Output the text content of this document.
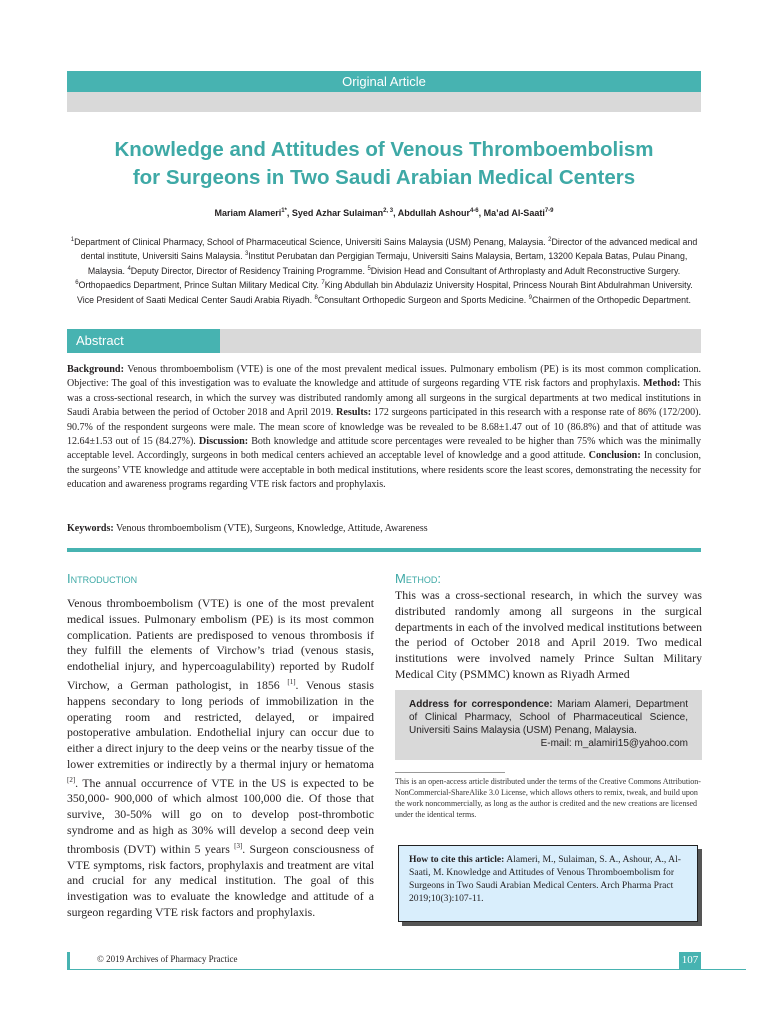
Original Article
Knowledge and Attitudes of Venous Thromboembolism
for Surgeons in Two Saudi Arabian Medical Centers
Mariam Alameri$^{1*}$, Syed Azhar Sulaiman$^{2, 3}$, Abdullah Ashour$^{4-6}$, Ma’ad Al-Saati$^{7-9}$
$^1$Department of Clinical Pharmacy, School of Pharmaceutical Science, Universiti Sains Malaysia (USM) Penang, Malaysia. $^2$Director of the advanced medical and dental institute, Universiti Sains Malaysia. $^3$Institut Perubatan dan Pergigian Termaju, Universiti Sains Malaysia, Bertam, 13200 Kepala Batas, Pulau Pinang, Malaysia. $^4$Deputy Director, Director of Residency Training Programme. $^5$Division Head and Consultant of Arthroplasty and Adult Reconstructive Surgery. $^6$Orthopaedics Department, Prince Sultan Military Medical City. $^7$King Abdullah bin Abdulaziz University Hospital, Princess Nourah Bint Abdulrahman University. Vice President of Saati Medical Center Saudi Arabia Riyadh. $^8$Consultant Orthopedic Surgeon and Sports Medicine. $^9$Chairmen of the Orthopedic Department.
Abstract
Background: Venous thromboembolism (VTE) is one of the most prevalent medical issues. Pulmonary embolism (PE) is its most common complication. Objective: The goal of this investigation was to evaluate the knowledge and attitude of surgeons regarding VTE risk factors and prophylaxis. Method: This was a cross-sectional research, in which the survey was distributed randomly among all surgeons in the surgical departments at two medical institutions in Saudi Arabia between the period of October 2018 and April 2019. Results: 172 surgeons participated in this research with a response rate of 86% (172/200). 90.7% of the respondent surgeons were male. The mean score of knowledge was be revealed to be 8.68±1.47 out of 10 (86.8%) and that of attitude was 12.64±1.53 out of 15 (84.27%). Discussion: Both knowledge and attitude score percentages were revealed to be higher than 75% which was the minimally acceptable level. Accordingly, surgeons in both medical centers achieved an acceptable level of knowledge and a good attitude. Conclusion: In conclusion, the surgeons’ VTE knowledge and attitude were acceptable in both medical institutions, where residents score the least scores, demonstrating the necessity for education and awareness programs regarding VTE risk factors and prophylaxis.
Keywords: Venous thromboembolism (VTE), Surgeons, Knowledge, Attitude, Awareness
Introduction
Venous thromboembolism (VTE) is one of the most prevalent medical issues. Pulmonary embolism (PE) is its most common complication. Patients are predisposed to venous thrombosis if they fulfill the elements of Virchow’s triad (venous stasis, endothelial injury, and hypercoagulability) reported by Rudolf Virchow, a German pathologist, in 1856 [1]. Venous stasis happens secondary to long periods of immobilization in the operating room and restricted, delayed, or impaired postoperative ambulation. Endothelial injury can occur due to either a direct injury to the deep veins or the nearby tissue of the lower extremities or indirectly by a thermal injury or hematoma [2]. The annual occurrence of VTE in the US is expected to be 350,000- 900,000 of which almost 100,000 die. Of those that survive, 30-50% will go on to develop post-thrombotic syndrome and as high as 30% will develop a second deep vein thrombosis (DVT) within 5 years [3]. Surgeon consciousness of VTE symptoms, risk factors, prophylaxis and treatment are vital and crucial for any medical institution. The goal of this investigation was to evaluate the knowledge and attitude of a surgeon regarding VTE risk factors and prophylaxis.
Method:
This was a cross-sectional research, in which the survey was distributed randomly among all surgeons in the surgical departments in each of the involved medical institutions between the period of October 2018 and April 2019. Two medical institutions were involved namely Prince Sultan Military Medical City (PSMMC) known as Riyadh Armed
Address for correspondence: Mariam Alameri, Department of Clinical Pharmacy, School of Pharmaceutical Science, Universiti Sains Malaysia (USM) Penang, Malaysia.
E-mail: m_alamiri15@yahoo.com
This is an open-access article distributed under the terms of the Creative Commons Attribution-NonCommercial-ShareAlike 3.0 License, which allows others to remix, tweak, and build upon the work noncommercially, as long as the author is credited and the new creations are licensed under the identical terms.
How to cite this article: Alameri, M., Sulaiman, S. A., Ashour, A., Al-Saati, M. Knowledge and Attitudes of Venous Thromboembolism for Surgeons in Two Saudi Arabian Medical Centers. Arch Pharma Pract 2019;10(3):107-11.
© 2019 Archives of Pharmacy Practice	107
